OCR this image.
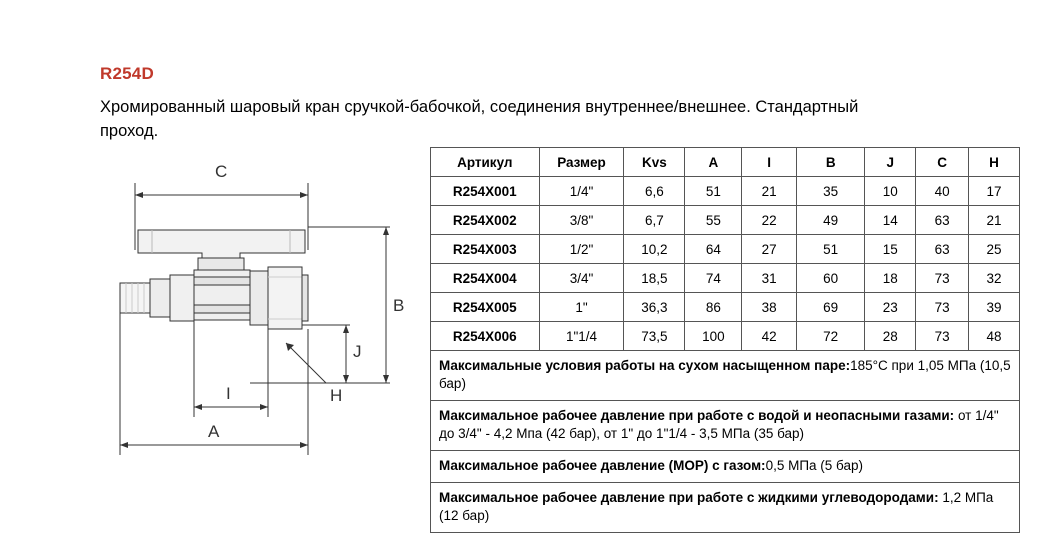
R254D
Хромированный шаровый кран сручкой-бабочкой, соединения внутреннее/внешнее. Стандартный проход.
C
B
J
I
A
H
Артикул	Размер	Kvs	A	I	B	J	C	H
R254X001	1/4"	6,6	51	21	35	10	40	17
R254X002	3/8"	6,7	55	22	49	14	63	21
R254X003	1/2"	10,2	64	27	51	15	63	25
R254X004	3/4"	18,5	74	31	60	18	73	32
R254X005	1"	36,3	86	38	69	23	73	39
R254X006	1"1/4	73,5	100	42	72	28	73	48
Максимальные условия работы на сухом насыщенном паре:185°C при 1,05 МПа (10,5 бар)
Максимальное рабочее давление при работе с водой и неопасными газами: от 1/4" до 3/4" - 4,2 Мпа (42 бар), от 1" до 1"1/4 - 3,5 МПа (35 бар)
Максимальное рабочее давление (MOP) с газом:0,5 МПа (5 бар)
Максимальное рабочее давление при работе с жидкими углеводородами: 1,2 МПа (12 бар)
